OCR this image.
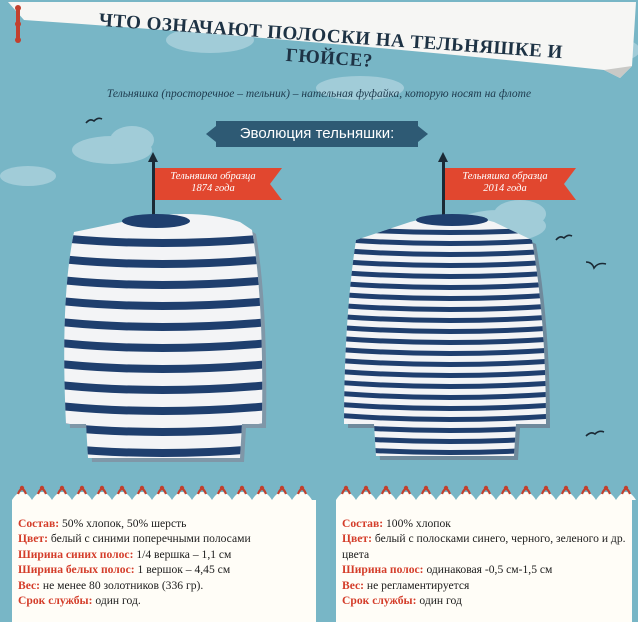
ЧТО ОЗНАЧАЮТ ПОЛОСКИ НА ТЕЛЬНЯШКЕ И ГЮЙСЕ?
Тельняшка (просторечное – тельник) – нательная фуфайка, которую носят на флоте
Эволюция тельняшки:
Тельняшка образца
1874 года
Тельняшка образца
2014 года

Состав: 50% хлопок, 50% шерсть

Цвет: белый с синими поперечными полосами

Ширина синих полос: 1/4 вершка – 1,1 см

Ширина белых полос: 1 вершок – 4,45 см

Вес: не менее 80 золотников (336 гр).

Срок службы: один год.

Состав: 100% хлопок

Цвет: белый с полосками синего, черного, зеленого и др. цвета

Ширина полос: одинаковая -0,5 см-1,5 см

Вес: не регламентируется

Срок службы: один год
